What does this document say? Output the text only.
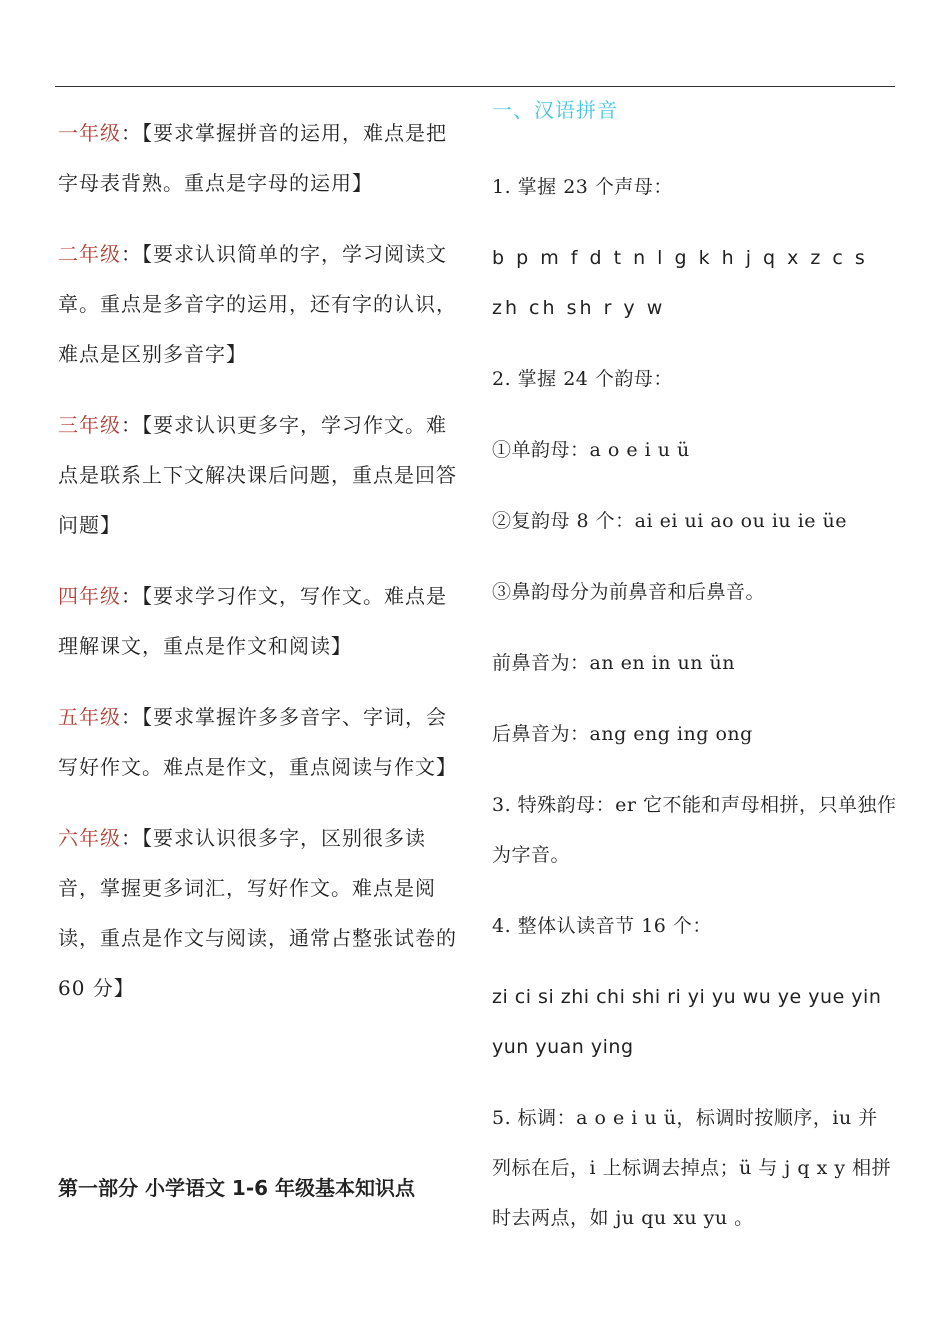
一年级：【要求掌握拼音的运用，难点是把字母表背熟。重点是字母的运用】
二年级：【要求认识简单的字，学习阅读文章。重点是多音字的运用，还有字的认识，难点是区别多音字】
三年级：【要求认识更多字，学习作文。难点是联系上下文解决课后问题，重点是回答问题】
四年级：【要求学习作文，写作文。难点是理解课文，重点是作文和阅读】
五年级：【要求掌握许多多音字、字词，会写好作文。难点是作文，重点阅读与作文】
六年级：【要求认识很多字，区别很多读音，掌握更多词汇，写好作文。难点是阅读，重点是作文与阅读，通常占整张试卷的 60 分】
第一部分 小学语文 1-6 年级基本知识点
一、汉语拼音
1. 掌握 23 个声母：
b p m f d t n l g k h j q x z c s zh ch sh r y w
2. 掌握 24 个韵母：
①单韵母：a o e i u ü
②复韵母 8 个：ai ei ui ao ou iu ie üe
③鼻韵母分为前鼻音和后鼻音。
前鼻音为：an en in un ün
后鼻音为：ang eng ing ong
3. 特殊韵母：er 它不能和声母相拼，只单独作为字音。
4. 整体认读音节 16 个：
zi ci si zhi chi shi ri yi yu wu ye yue yin yun yuan ying
5. 标调：a o e i u ü，标调时按顺序，iu 并列标在后，i 上标调去掉点；ü 与 j q x y 相拼时去两点，如 ju qu xu yu 。
